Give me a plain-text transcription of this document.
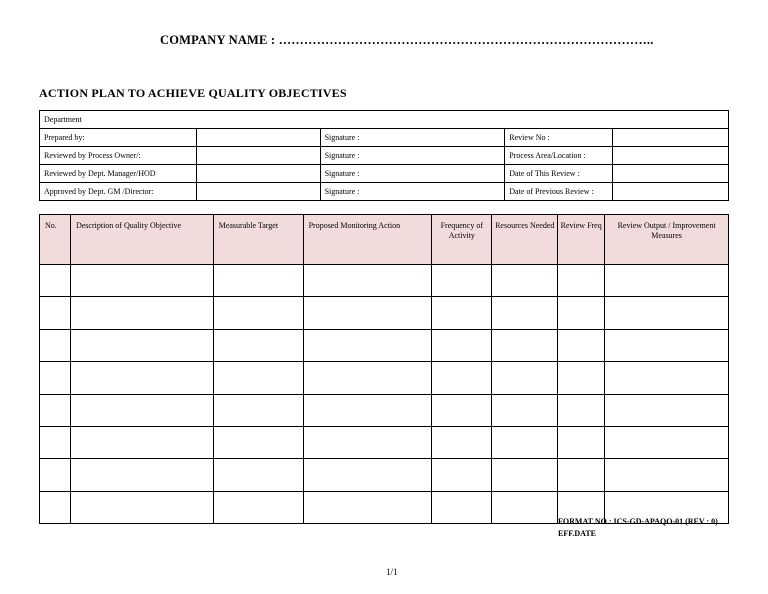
COMPANY NAME : ……………………………………………………………………………..
ACTION PLAN TO ACHIEVE QUALITY OBJECTIVES
Department				
Prepared by:		Signature :	Review No :	
Reviewed by Process Owner/:		Signature :	Process Area/Location :	
Reviewed by Dept. Manager/HOD		Signature :	Date of This Review :	
Approved by Dept. GM /Director:		Signature :	Date of Previous Review :	
No.	Description of Quality Objective	Measurable Target	Proposed Monitoring Action	Frequency of Activity	Resources Needed	Review Freq	Review Output / Improvement Measures

FORMAT NO.: ICS-GD-APAQO-01 (REV : 0)
EFF.DATE
1/1
